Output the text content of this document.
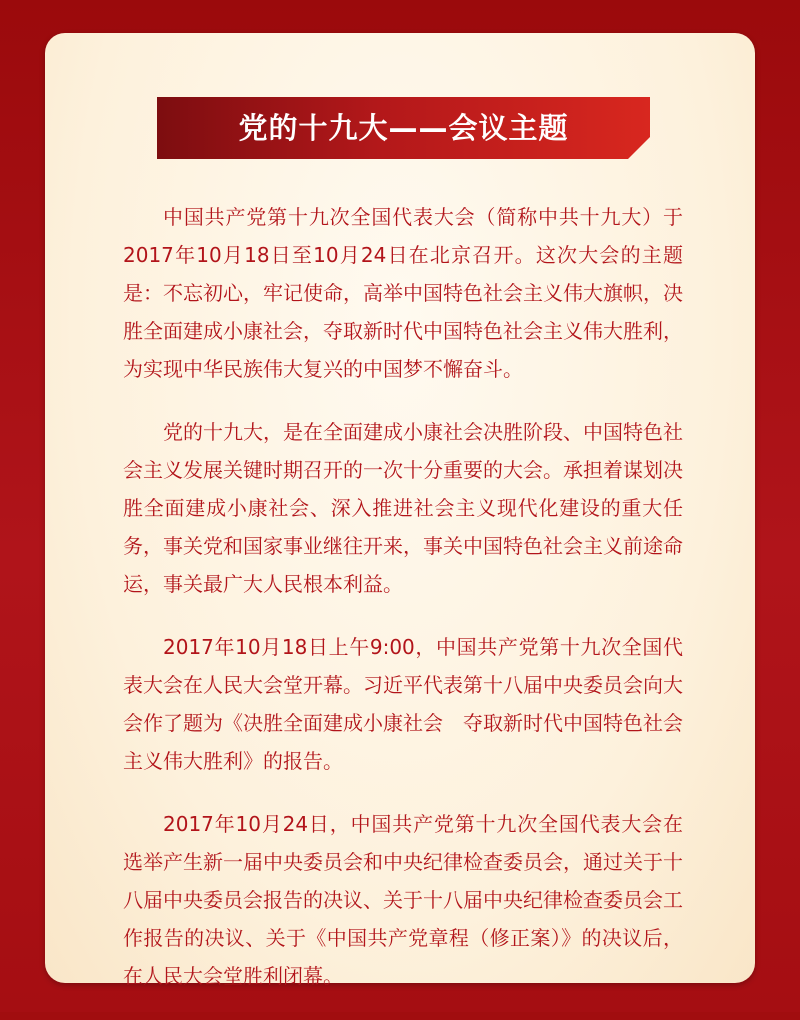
党的十九大——会议主题

中国共产党第十九次全国代表大会（简称中共十九大）于2017年10月18日至10月24日在北京召开。这次大会的主题是：不忘初心，牢记使命，高举中国特色社会主义伟大旗帜，决胜全面建成小康社会，夺取新时代中国特色社会主义伟大胜利，为实现中华民族伟大复兴的中国梦不懈奋斗。

党的十九大，是在全面建成小康社会决胜阶段、中国特色社会主义发展关键时期召开的一次十分重要的大会。承担着谋划决胜全面建成小康社会、深入推进社会主义现代化建设的重大任务，事关党和国家事业继往开来，事关中国特色社会主义前途命运，事关最广大人民根本利益。

2017年10月18日上午9:00，中国共产党第十九次全国代表大会在人民大会堂开幕。习近平代表第十八届中央委员会向大会作了题为《决胜全面建成小康社会　夺取新时代中国特色社会主义伟大胜利》的报告。

2017年10月24日，中国共产党第十九次全国代表大会在选举产生新一届中央委员会和中央纪律检查委员会，通过关于十八届中央委员会报告的决议、关于十八届中央纪律检查委员会工作报告的决议、关于《中国共产党章程（修正案）》的决议后，在人民大会堂胜利闭幕。
